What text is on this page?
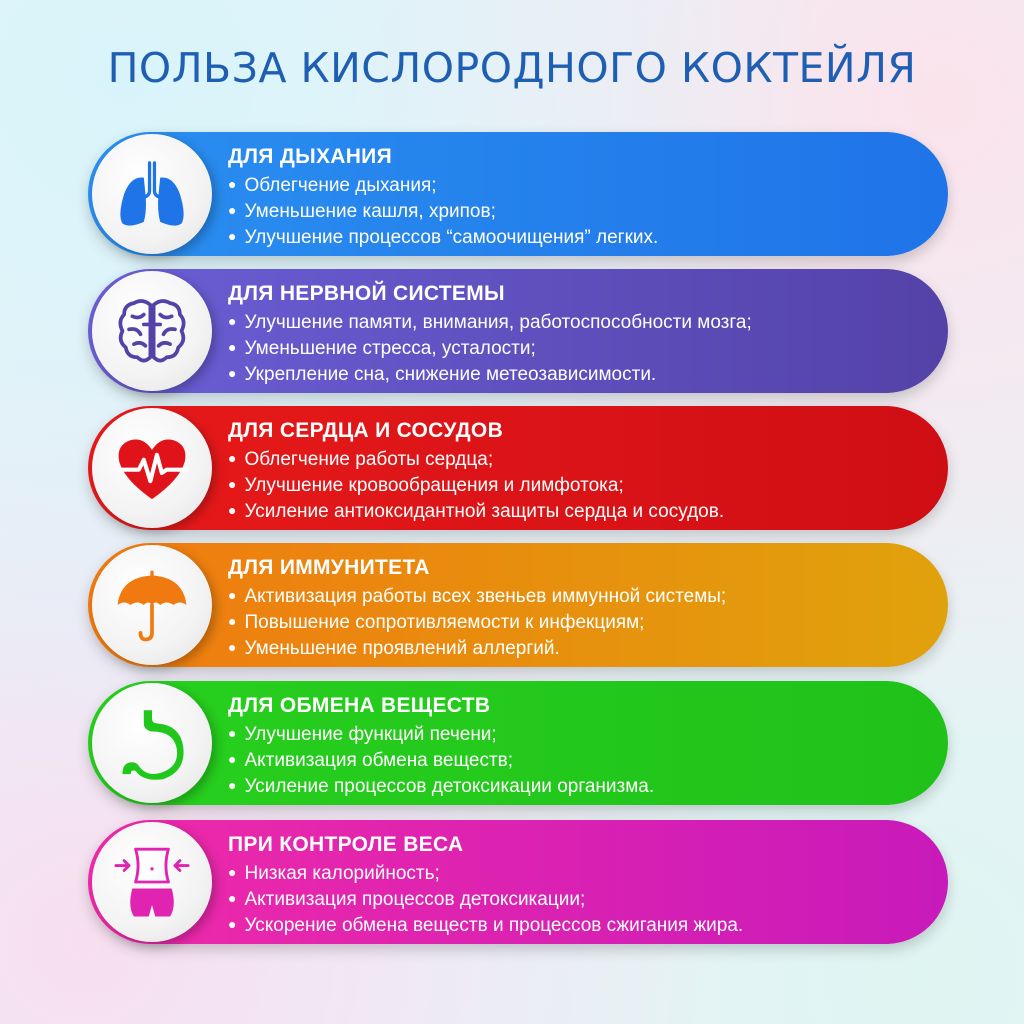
ПОЛЬЗА КИСЛОРОДНОГО КОКТЕЙЛЯ
ДЛЯ ДЫХАНИЯ
● Облегчение дыхания;
● Уменьшение кашля, хрипов;
● Улучшение процессов “самоочищения” легких.
ДЛЯ НЕРВНОЙ СИСТЕМЫ
● Улучшение памяти, внимания, работоспособности мозга;
● Уменьшение стресса, усталости;
● Укрепление сна, снижение метеозависимости.
ДЛЯ СЕРДЦА И СОСУДОВ
● Облегчение работы сердца;
● Улучшение кровообращения и лимфотока;
● Усиление антиоксидантной защиты сердца и сосудов.
ДЛЯ ИММУНИТЕТА
● Активизация работы всех звеньев иммунной системы;
● Повышение сопротивляемости к инфекциям;
● Уменьшение проявлений аллергий.
ДЛЯ ОБМЕНА ВЕЩЕСТВ
● Улучшение функций печени;
● Активизация обмена веществ;
● Усиление процессов детоксикации организма.
ПРИ КОНТРОЛЕ ВЕСА
● Низкая калорийность;
● Активизация процессов детоксикации;
● Ускорение обмена веществ и процессов сжигания жира.
